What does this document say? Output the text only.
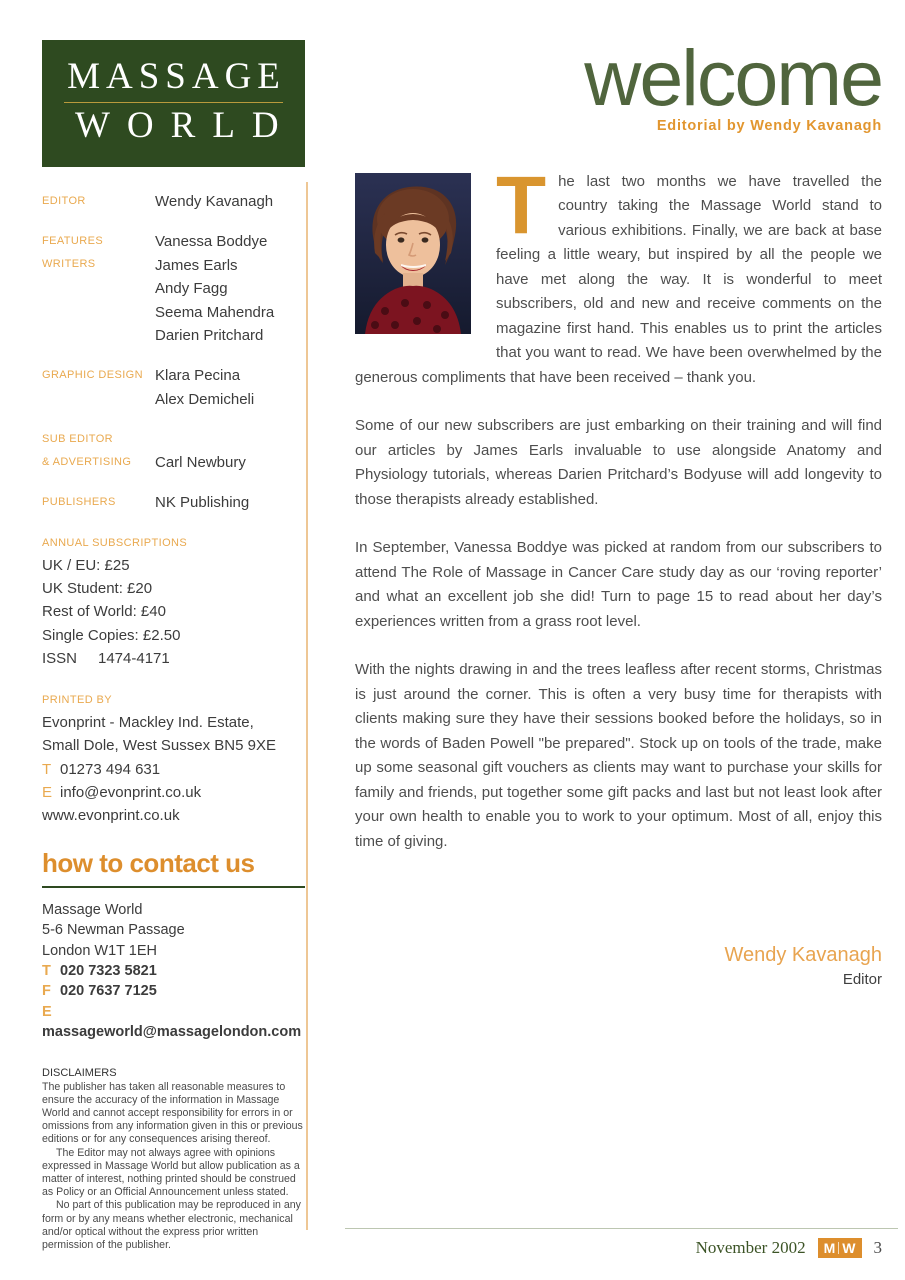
MASSAGE
WORLD
EDITOR	Wendy Kavanagh
FEATURES WRITERS
Vanessa Boddye
James Earls
Andy Fagg
Seema Mahendra
Darien Pritchard
GRAPHIC DESIGN Klara Pecina
Alex Demicheli
SUB EDITOR
& ADVERTISING	Carl Newbury
PUBLISHERS	NK Publishing
ANNUAL SUBSCRIPTIONS
UK / EU: £25
UK Student: £20
Rest of World: £40
Single Copies: £2.50
ISSN 1474-4171
PRINTED BY
Evonprint - Mackley Ind. Estate,
Small Dole, West Sussex BN5 9XE
T 01273 494 631
E info@evonprint.co.uk
www.evonprint.co.uk
how to contact us
Massage World
5-6 Newman Passage
London W1T 1EH
T 020 7323 5821
F 020 7637 7125
Emassageworld@massagelondon.com
DISCLAIMERS

The publisher has taken all reasonable measures to ensure the accuracy of the information in Massage World and cannot accept responsibility for errors in or omissions from any information given in this or previous editions or for any consequences arising thereof.

The Editor may not always agree with opinions expressed in Massage World but allow publication as a matter of interest, nothing printed should be construed as Policy or an Official Announcement unless stated.

No part of this publication may be reproduced in any form or by any means whether electronic, mechanical and/or optical without the express prior written permission of the publisher.

welcome
Editorial by Wendy Kavanagh

The last two months we have travelled the country taking the Massage World stand to various exhibitions. Finally, we are back at base feeling a little weary, but inspired by all the people we have met along the way. It is wonderful to meet subscribers, old and new and receive comments on the magazine first hand. This enables us to print the articles that you want to read. We have been overwhelmed by the generous compliments that have been received – thank you.

Some of our new subscribers are just embarking on their training and will find our articles by James Earls invaluable to use alongside Anatomy and Physiology tutorials, whereas Darien Pritchard’s Bodyuse will add longevity to those therapists already established.

In September, Vanessa Boddye was picked at random from our subscribers to attend The Role of Massage in Cancer Care study day as our ‘roving reporter’ and what an excellent job she did! Turn to page 15 to read about her day’s experiences written from a grass root level.

With the nights drawing in and the trees leafless after recent storms, Christmas is just around the corner. This is often a very busy time for therapists with clients making sure they have their sessions booked before the holidays, so in the words of Baden Powell "be prepared". Stock up on tools of the trade, make up some seasonal gift vouchers as clients may want to purchase your skills for family and friends, put together some gift packs and last but not least look after your own health to enable you to work to your optimum. Most of all, enjoy this time of giving.

Wendy Kavanagh
Editor
November 2002 M W 3
